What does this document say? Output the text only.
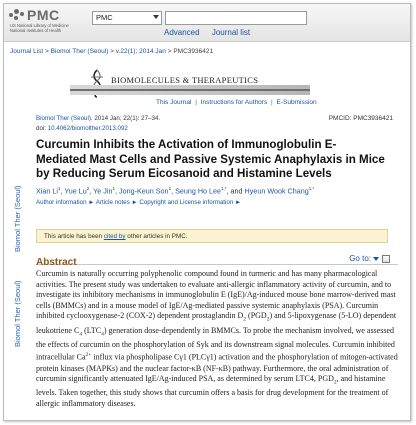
PMC
US National Library of Medicine
National Institutes of Health
PMC
Advanced Journal list
Journal List > Biomol Ther (Seoul) > v.22(1); 2014 Jan > PMC3936421
BIOMOLECULES & THERAPEUTICS
This Journal | Instructions for Authors | E-Submission
Biomol Ther (Seoul)
Biomol Ther (Seoul)
Biomol Ther (Seoul). 2014 Jan; 22(1): 27–34.	PMCID: PMC3936421
doi: 10.4062/biomolther.2013.092
Curcumin Inhibits the Activation of Immunoglobulin E-Mediated Mast Cells and Passive Systemic Anaphylaxis in Mice by Reducing Serum Eicosanoid and Histamine Levels
Xian Li$^1$, Yue Lu$^2$, Ye Jin$^1$, Jong-Keun Son$^1$, Seung Ho Lee$^{1,*}$, and Hyeun Wook Chang$^{1,*}$
Author information ► Article notes ► Copyright and License information ►
This article has been cited by other articles in PMC.
Abstract	Go to:
Curcumin is naturally occurring polyphenolic compound found in turmeric and has many pharmacological activities. The present study was undertaken to evaluate anti-allergic inflammatory activity of curcumin, and to investigate its inhibitory mechanisms in immunoglobulin E (IgE)/Ag-induced mouse bone marrow-derived mast cells (BMMCs) and in a mouse model of IgE/Ag-mediated passive systemic anaphylaxis (PSA). Curcumin inhibited cyclooxygenase-2 (COX-2) dependent prostaglandin $D_2$ $(PGD_2)$ and 5-lipoxygenase (5-LO) dependent leukotriene $C_4$ $(LTC_4)$ generation dose-dependently in BMMCs. To probe the mechanism involved, we assessed the effects of curcumin on the phosphorylation of Syk and its downstream signal molecules. Curcumin inhibited intracellular $Ca^{2+}$ influx via phospholipase Cγ1 (PLCγ1) activation and the phosphorylation of mitogen-activated protein kinases (MAPKs) and the nuclear factor-κB (NF-κB) pathway. Furthermore, the oral administration of curcumin significantly attenuated IgE/Ag-induced PSA, as determined by serum LTC4, $PGD_2$, and histamine levels. Taken together, this study shows that curcumin offers a basis for drug development for the treatment of allergic inflammatory diseases.
